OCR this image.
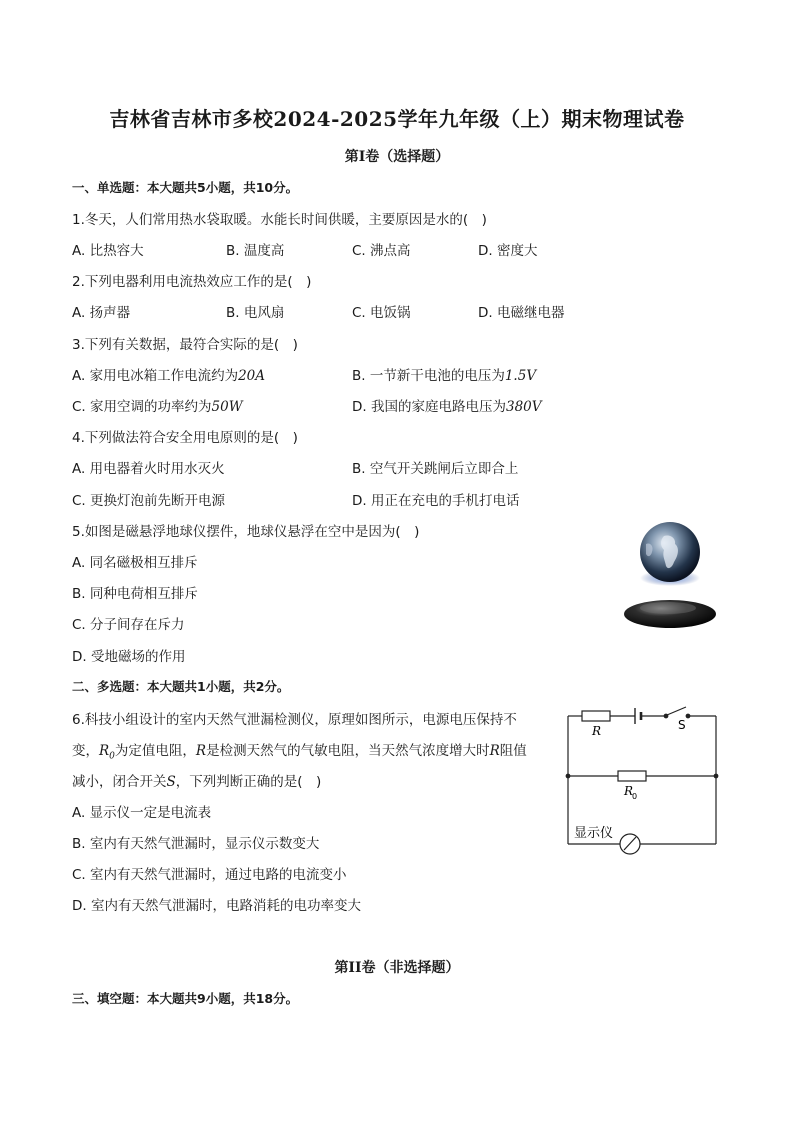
吉林省吉林市多校2024-2025学年九年级（上）期末物理试卷
第I卷（选择题）
一、单选题：本大题共5小题，共10分。
1.冬天，人们常用热水袋取暖。水能长时间供暖，主要原因是水的(　)
A. 比热容大	B. 温度高	C. 沸点高	D. 密度大
2.下列电器利用电流热效应工作的是(　)
A. 扬声器	B. 电风扇	C. 电饭锅	D. 电磁继电器
3.下列有关数据，最符合实际的是(　)
A. 家用电冰箱工作电流约为20A	B. 一节新干电池的电压为1.5V
C. 家用空调的功率约为50W	D. 我国的家庭电路电压为380V
4.下列做法符合安全用电原则的是(　)
A. 用电器着火时用水灭火	B. 空气开关跳闸后立即合上
C. 更换灯泡前先断开电源	D. 用正在充电的手机打电话
5.如图是磁悬浮地球仪摆件，地球仪悬浮在空中是因为(　)
A. 同名磁极相互排斥
B. 同种电荷相互排斥
C. 分子间存在斥力
D. 受地磁场的作用
二、多选题：本大题共1小题，共2分。
6.科技小组设计的室内天然气泄漏检测仪，原理如图所示，电源电压保持不
变，$R_0$为定值电阻，R是检测天然气的气敏电阻，当天然气浓度增大时R阻值
减小，闭合开关S，下列判断正确的是(　)
A. 显示仪一定是电流表
B. 室内有天然气泄漏时，显示仪示数变大
C. 室内有天然气泄漏时，通过电路的电流变小
D. 室内有天然气泄漏时，电路消耗的电功率变大
R	S
R
0
显示仪
第II卷（非选择题）
三、填空题：本大题共9小题，共18分。
